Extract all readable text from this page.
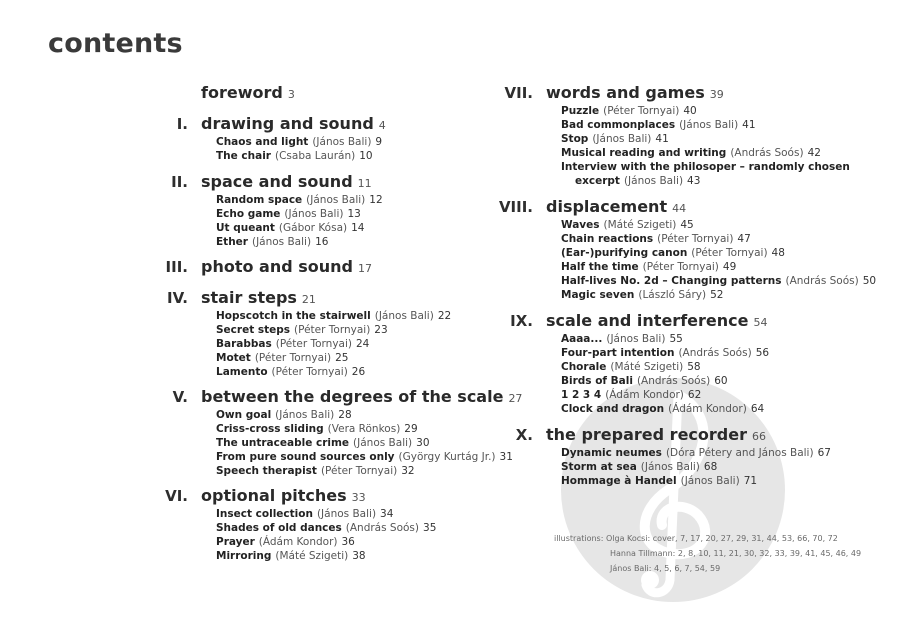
contents
foreword 3
I. drawing and sound 4
Chaos and light (János Bali) 9
The chair (Csaba Laurán) 10
II. space and sound 11
Random space (János Bali) 12
Echo game (János Bali) 13
Ut queant (Gábor Kósa) 14
Ether (János Bali) 16
III. photo and sound 17
IV. stair steps 21
Hopscotch in the stairwell (János Bali) 22
Secret steps (Péter Tornyai) 23
Barabbas (Péter Tornyai) 24
Motet (Péter Tornyai) 25
Lamento (Péter Tornyai) 26
V. between the degrees of the scale 27
Own goal (János Bali) 28
Criss-cross sliding (Vera Rönkos) 29
The untraceable crime (János Bali) 30
From pure sound sources only (György Kurtág Jr.) 31
Speech therapist (Péter Tornyai) 32
VI. optional pitches 33
Insect collection (János Bali) 34
Shades of old dances (András Soós) 35
Prayer (Ádám Kondor) 36
Mirroring (Máté Szigeti) 38
VII. words and games 39
Puzzle (Péter Tornyai) 40
Bad commonplaces (János Bali) 41
Stop (János Bali) 41
Musical reading and writing (András Soós) 42
Interview with the philosoper – randomly chosen
excerpt (János Bali) 43
VIII. displacement 44
Waves (Máté Szigeti) 45
Chain reactions (Péter Tornyai) 47
(Ear-)purifying canon (Péter Tornyai) 48
Half the time (Péter Tornyai) 49
Half-lives No. 2d – Changing patterns (András Soós) 50
Magic seven (László Sáry) 52
IX. scale and interference 54
Aaaa... (János Bali) 55
Four-part intention (András Soós) 56
Chorale (Máté Szigeti) 58
Birds of Bali (András Soós) 60
1 2 3 4 (Ádám Kondor) 62
Clock and dragon (Ádám Kondor) 64
X. the prepared recorder 66
Dynamic neumes (Dóra Pétery and János Bali) 67
Storm at sea (János Bali) 68
Hommage à Handel (János Bali) 71
illustrations: Olga Kocsi: cover, 7, 17, 20, 27, 29, 31, 44, 53, 66, 70, 72
Hanna Tillmann: 2, 8, 10, 11, 21, 30, 32, 33, 39, 41, 45, 46, 49
János Bali: 4, 5, 6, 7, 54, 59
